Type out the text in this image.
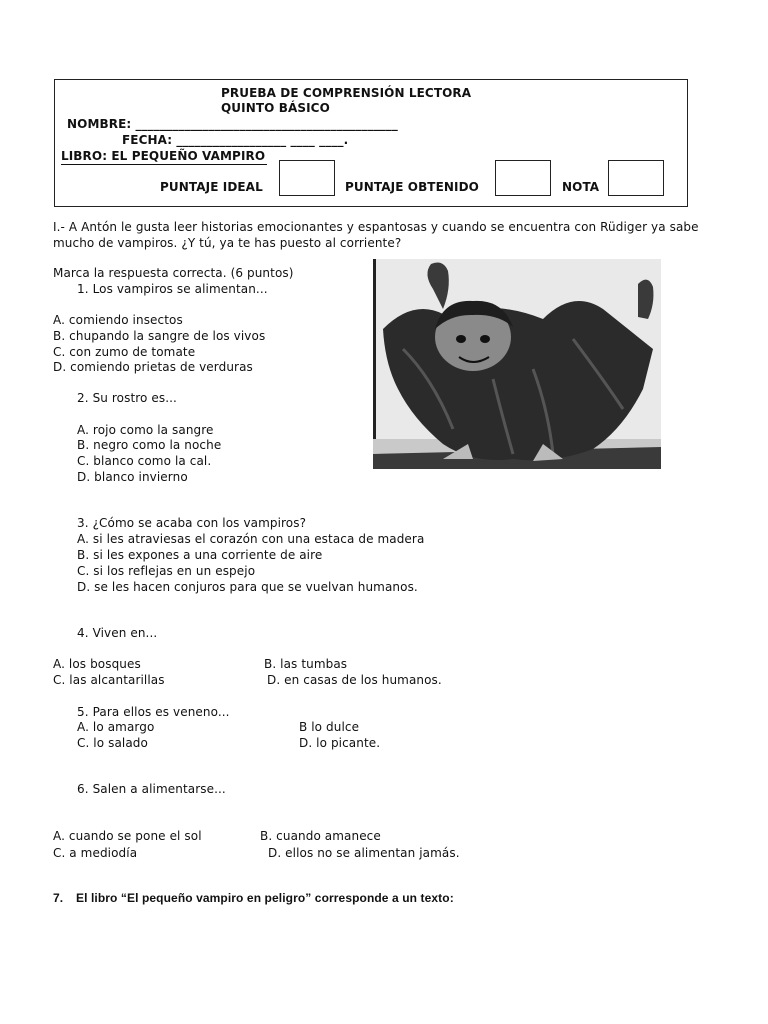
PRUEBA DE COMPRENSIÓN LECTORA
QUINTO BÁSICO
NOMBRE: ___________________________________________
FECHA: __________________ ____ ____.
LIBRO: EL PEQUEÑO VAMPIRO
PUNTAJE IDEAL	PUNTAJE OBTENIDO	NOTA
I.- A Antón le gusta leer historias emocionantes y espantosas y cuando se encuentra con Rüdiger ya sabe
mucho de vampiros. ¿Y tú, ya te has puesto al corriente?
Marca la respuesta correcta. (6 puntos)
1. Los vampiros se alimentan...
A. comiendo insectos
B. chupando la sangre de los vivos
C. con zumo de tomate
D. comiendo prietas de verduras
2. Su rostro es...
A. rojo como la sangre
B. negro como la noche
C. blanco como la cal.
D. blanco invierno
3. ¿Cómo se acaba con los vampiros?
A. si les atraviesas el corazón con una estaca de madera
B. si les expones a una corriente de aire
C. si los reflejas en un espejo
D. se les hacen conjuros para que se vuelvan humanos.
4. Viven en...
A. los bosques	B. las tumbas
C. las alcantarillas	D. en casas de los humanos.
5. Para ellos es veneno...
A. lo amargo	B lo dulce
C. lo salado	D. lo picante.
6. Salen a alimentarse...
A. cuando se pone el sol	B. cuando amanece
C. a mediodía	D. ellos no se alimentan jamás.
7. El libro “El pequeño vampiro en peligro” corresponde a un texto:
